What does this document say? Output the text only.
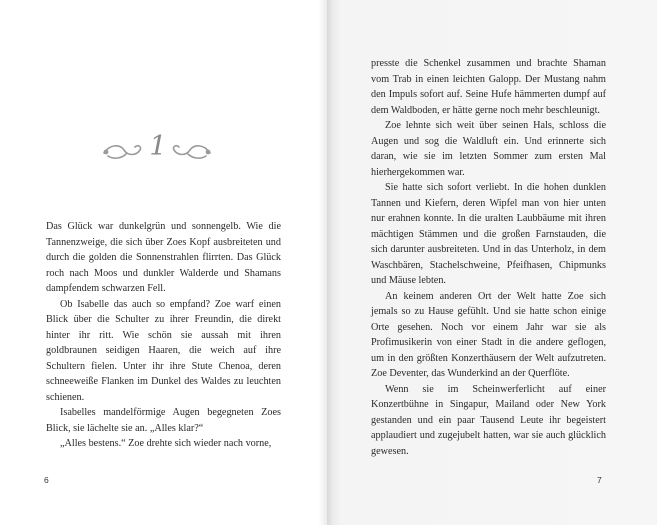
1

Das Glück war dunkelgrün und sonnengelb. Wie die Tannenzweige, die sich über Zoes Kopf ausbreiteten und durch die golden die Sonnenstrahlen flirrten. Das Glück roch nach Moos und dunkler Walderde und Shamans dampfendem schwarzen Fell.

Ob Isabelle das auch so empfand? Zoe warf einen Blick über die Schulter zu ihrer Freundin, die direkt hinter ihr ritt. Wie schön sie aussah mit ihren goldbraunen seidigen Haaren, die weich auf ihre Schultern fielen. Unter ihr ihre Stute Chenoa, deren schneeweiße Flanken im Dunkel des Waldes zu leuchten schienen.

Isabelles mandelförmige Augen begegneten Zoes Blick, sie lächelte sie an. „Alles klar?“

„Alles bestens.“ Zoe drehte sich wieder nach vorne,

6

presste die Schenkel zusammen und brachte Shaman vom Trab in einen leichten Galopp. Der Mustang nahm den Impuls sofort auf. Seine Hufe hämmerten dumpf auf dem Waldboden, er hätte gerne noch mehr beschleunigt.

Zoe lehnte sich weit über seinen Hals, schloss die Augen und sog die Waldluft ein. Und erinnerte sich daran, wie sie im letzten Sommer zum ersten Mal hierhergekommen war.

Sie hatte sich sofort verliebt. In die hohen dunklen Tannen und Kiefern, deren Wipfel man von hier unten nur erahnen konnte. In die uralten Laubbäume mit ihren mächtigen Stämmen und die großen Farnstauden, die sich darunter ausbreiteten. Und in das Unterholz, in dem Waschbären, Stachelschweine, Pfeifhasen, Chipmunks und Mäuse lebten.

An keinem anderen Ort der Welt hatte Zoe sich jemals so zu Hause gefühlt. Und sie hatte schon einige Orte gesehen. Noch vor einem Jahr war sie als Profimusikerin von einer Stadt in die andere geflogen, um in den größten Konzerthäusern der Welt aufzutreten. Zoe Deventer, das Wunderkind an der Querflöte.

Wenn sie im Scheinwerferlicht auf einer Konzertbühne in Singapur, Mailand oder New York gestanden und ein paar Tausend Leute ihr begeistert applaudiert und zugejubelt hatten, war sie auch glücklich gewesen.

7
